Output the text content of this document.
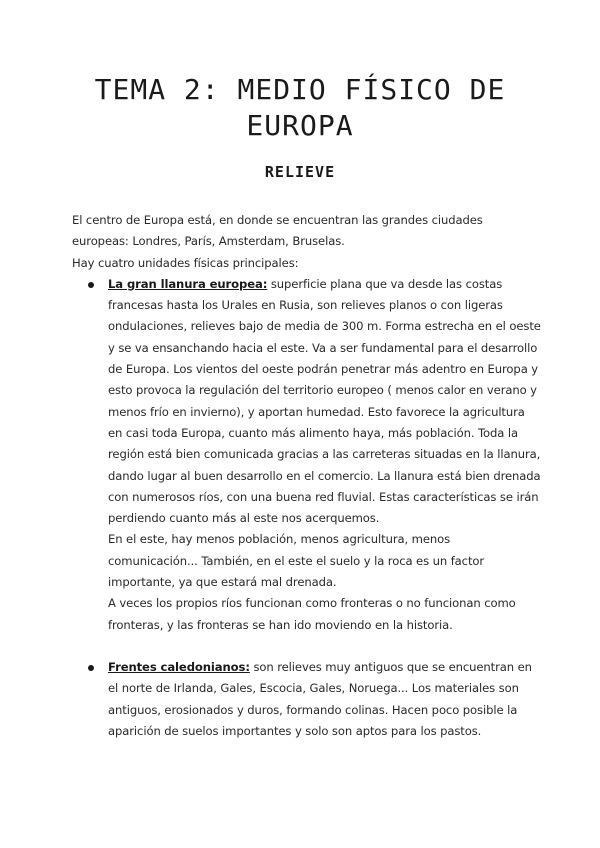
TEMA 2: MEDIO FÍSICO DE EUROPA
RELIEVE

El centro de Europa está, en donde se encuentran las grandes ciudades europeas: Londres, París, Amsterdam, Bruselas.

Hay cuatro unidades físicas principales:

La gran llanura europea: superficie plana que va desde las costas francesas hasta los Urales en Rusia, son relieves planos o con ligeras ondulaciones, relieves bajo de media de 300 m. Forma estrecha en el oeste y se va ensanchando hacia el este. Va a ser fundamental para el desarrollo de Europa. Los vientos del oeste podrán penetrar más adentro en Europa y esto provoca la regulación del territorio europeo ( menos calor en verano y menos frío en invierno), y aportan humedad. Esto favorece la agricultura en casi toda Europa, cuanto más alimento haya, más población. Toda la región está bien comunicada gracias a las carreteras situadas en la llanura, dando lugar al buen desarrollo en el comercio. La llanura está bien drenada con numerosos ríos, con una buena red fluvial. Estas características se irán perdiendo cuanto más al este nos acerquemos.

En el este, hay menos población, menos agricultura, menos comunicación... También, en el este el suelo y la roca es un factor importante, ya que estará mal drenada.

A veces los propios ríos funcionan como fronteras o no funcionan como fronteras, y las fronteras se han ido moviendo en la historia.

Frentes caledonianos: son relieves muy antiguos que se encuentran en el norte de Irlanda, Gales, Escocia, Gales, Noruega... Los materiales son antiguos, erosionados y duros, formando colinas. Hacen poco posible la aparición de suelos importantes y solo son aptos para los pastos.
